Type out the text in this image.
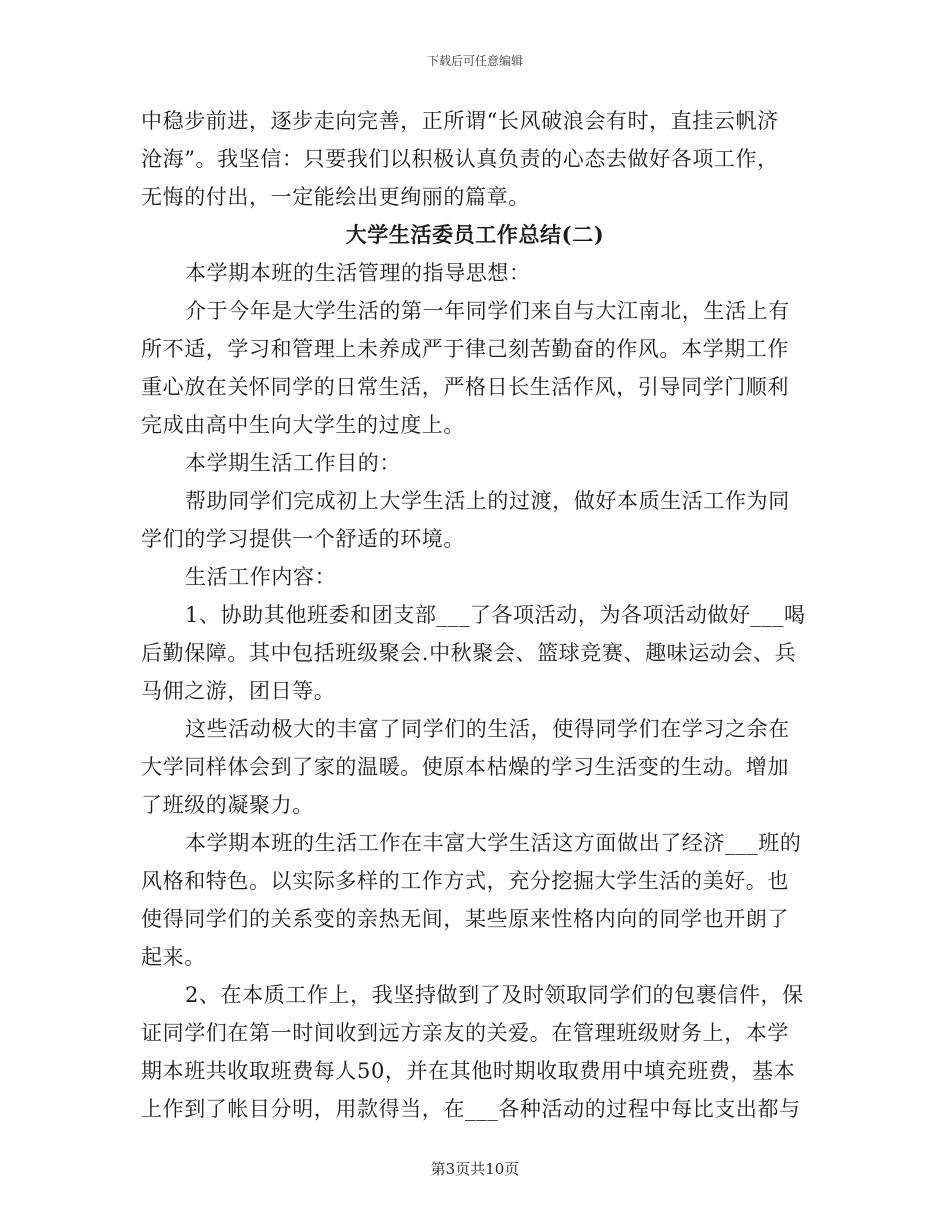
下载后可任意编辑
中稳步前进，逐步走向完善，正所谓“长风破浪会有时，直挂云帆济
沧海”。我坚信：只要我们以积极认真负责的心态去做好各项工作，
无悔的付出，一定能绘出更绚丽的篇章。
大学生活委员工作总结(二)
本学期本班的生活管理的指导思想：
介于今年是大学生活的第一年同学们来自与大江南北，生活上有
所不适，学习和管理上未养成严于律己刻苦勤奋的作风。本学期工作
重心放在关怀同学的日常生活，严格日长生活作风，引导同学门顺利
完成由高中生向大学生的过度上。
本学期生活工作目的：
帮助同学们完成初上大学生活上的过渡，做好本质生活工作为同
学们的学习提供一个舒适的环境。
生活工作内容：
1、协助其他班委和团支部___了各项活动，为各项活动做好___喝
后勤保障。其中包括班级聚会.中秋聚会、篮球竞赛、趣味运动会、兵
马佣之游，团日等。
这些活动极大的丰富了同学们的生活，使得同学们在学习之余在
大学同样体会到了家的温暖。使原本枯燥的学习生活变的生动。增加
了班级的凝聚力。
本学期本班的生活工作在丰富大学生活这方面做出了经济___班的
风格和特色。以实际多样的工作方式，充分挖掘大学生活的美好。也
使得同学们的关系变的亲热无间，某些原来性格内向的同学也开朗了
起来。
2、在本质工作上，我坚持做到了及时领取同学们的包裹信件，保
证同学们在第一时间收到远方亲友的关爱。在管理班级财务上，本学
期本班共收取班费每人50，并在其他时期收取费用中填充班费，基本
上作到了帐目分明，用款得当，在___各种活动的过程中每比支出都与
第3页共10页
